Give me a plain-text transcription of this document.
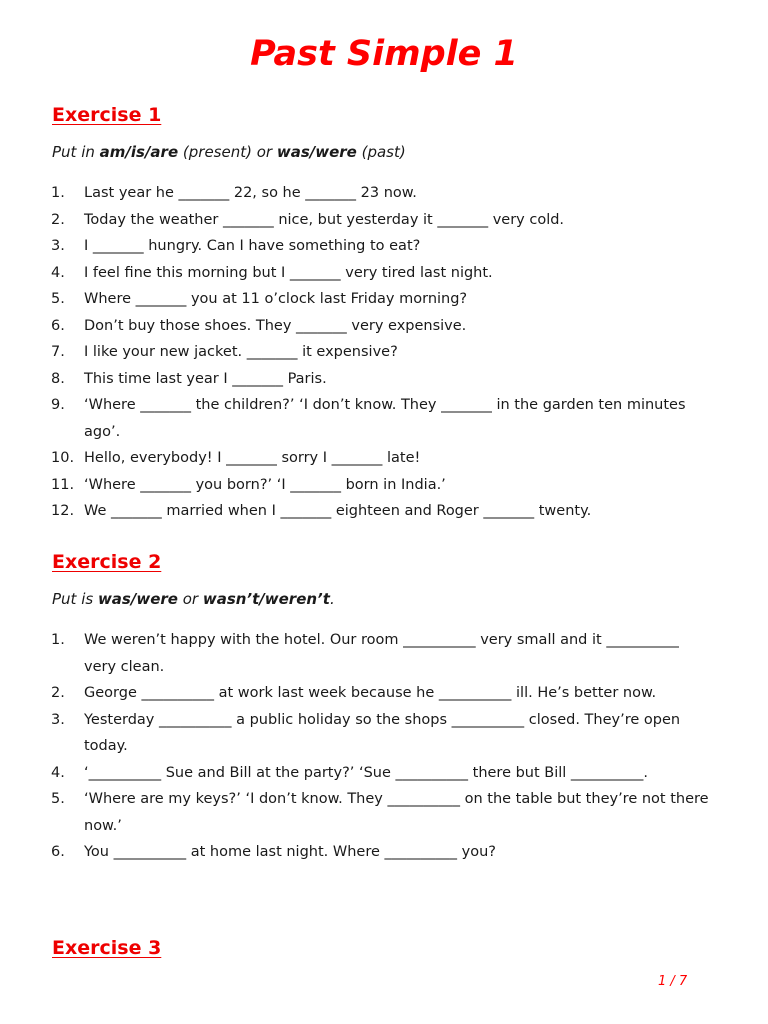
Past Simple 1
Exercise 1

Put in am/is/are (present) or was/were (past)

1. Last year he _______ 22, so he _______ 23 now.
2. Today the weather _______ nice, but yesterday it _______ very cold.
3. I _______ hungry. Can I have something to eat?
4. I feel fine this morning but I _______ very tired last night.
5. Where _______ you at 11 o’clock last Friday morning?
6. Don’t buy those shoes. They _______ very expensive.
7. I like your new jacket. _______ it expensive?
8. This time last year I _______ Paris.
9. ‘Where _______ the children?’ ‘I don’t know. They _______ in the garden ten minutes ago’.
10. Hello, everybody! I _______ sorry I _______ late!
11. ‘Where _______ you born?’ ‘I _______ born in India.’
12. We _______ married when I _______ eighteen and Roger _______ twenty.
Exercise 2

Put is was/were or wasn’t/weren’t.

1. We weren’t happy with the hotel. Our room __________ very small and it __________ very clean.
2. George __________ at work last week because he __________ ill. He’s better now.
3. Yesterday __________ a public holiday so the shops __________ closed. They’re open today.
4. ‘__________ Sue and Bill at the party?’ ‘Sue __________ there but Bill __________.
5. ‘Where are my keys?’ ‘I don’t know. They __________ on the table but they’re not there now.’
6. You __________ at home last night. Where __________ you?
Exercise 3
1 / 7
